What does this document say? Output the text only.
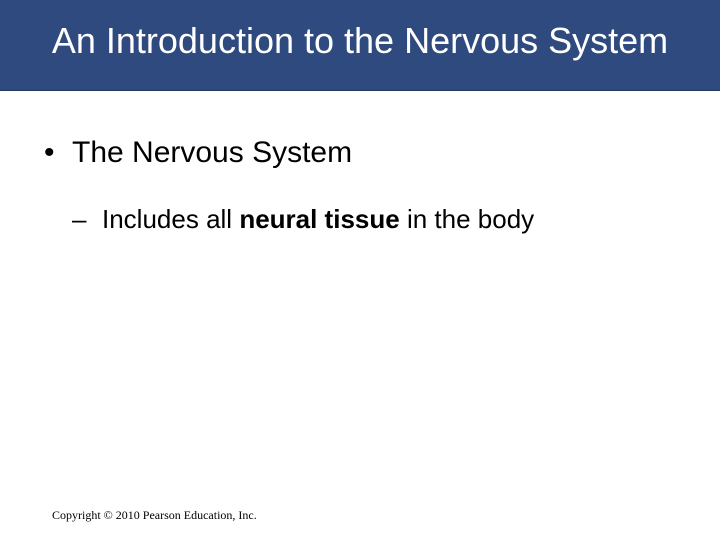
An Introduction to the Nervous System
• The Nervous System
– Includes all neural tissue in the body
Copyright © 2010 Pearson Education, Inc.
